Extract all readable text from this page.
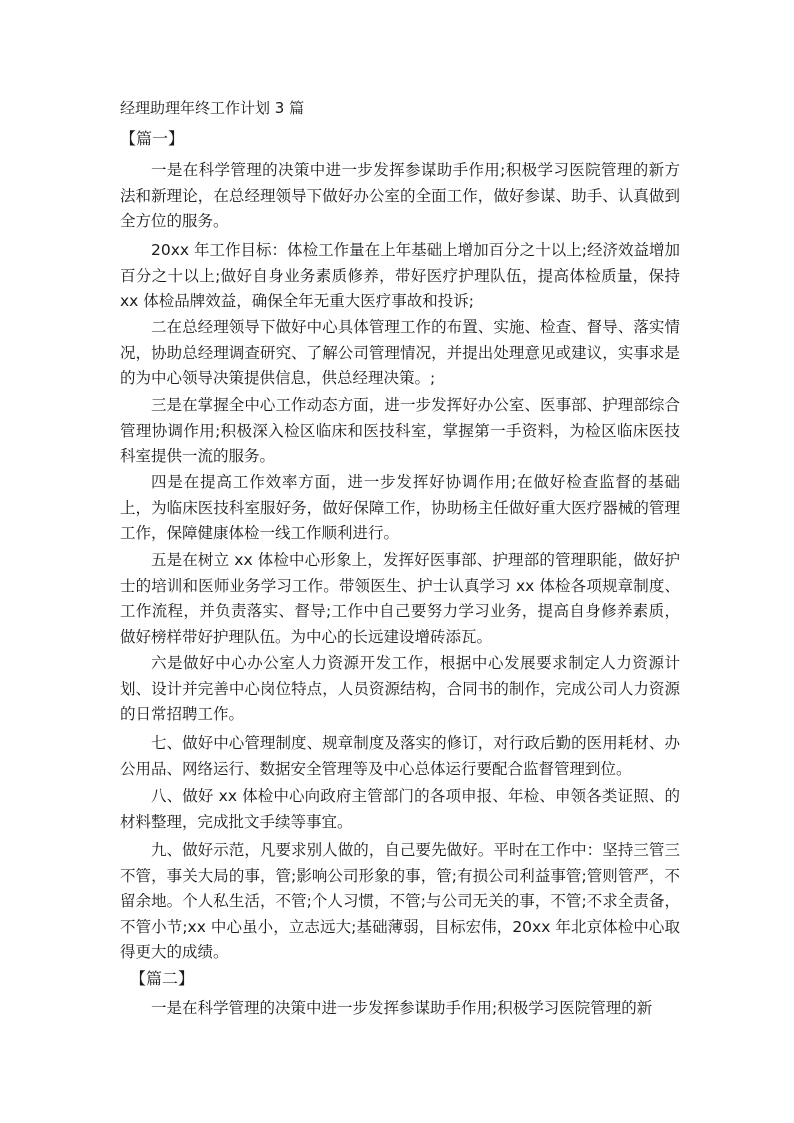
经理助理年终工作计划 3 篇
【篇一】

一是在科学管理的决策中进一步发挥参谋助手作用;积极学习医院管理的新方法和新理论，在总经理领导下做好办公室的全面工作，做好参谋、助手、认真做到全方位的服务。

20xx 年工作目标：体检工作量在上年基础上增加百分之十以上;经济效益增加百分之十以上;做好自身业务素质修养，带好医疗护理队伍，提高体检质量，保持 xx 体检品牌效益，确保全年无重大医疗事故和投诉;

二在总经理领导下做好中心具体管理工作的布置、实施、检查、督导、落实情况，协助总经理调查研究、了解公司管理情况，并提出处理意见或建议，实事求是的为中心领导决策提供信息，供总经理决策。;

三是在掌握全中心工作动态方面，进一步发挥好办公室、医事部、护理部综合管理协调作用;积极深入检区临床和医技科室，掌握第一手资料，为检区临床医技科室提供一流的服务。

四是在提高工作效率方面，进一步发挥好协调作用;在做好检查监督的基础上，为临床医技科室服好务，做好保障工作，协助杨主任做好重大医疗器械的管理工作，保障健康体检一线工作顺利进行。

五是在树立 xx 体检中心形象上，发挥好医事部、护理部的管理职能，做好护士的培训和医师业务学习工作。带领医生、护士认真学习 xx 体检各项规章制度、工作流程，并负责落实、督导;工作中自己要努力学习业务，提高自身修养素质，做好榜样带好护理队伍。为中心的长远建设增砖添瓦。

六是做好中心办公室人力资源开发工作，根据中心发展要求制定人力资源计划、设计并完善中心岗位特点，人员资源结构，合同书的制作，完成公司人力资源的日常招聘工作。

七、做好中心管理制度、规章制度及落实的修订，对行政后勤的医用耗材、办公用品、网络运行、数据安全管理等及中心总体运行要配合监督管理到位。

八、做好 xx 体检中心向政府主管部门的各项申报、年检、申领各类证照、的材料整理，完成批文手续等事宜。

九、做好示范，凡要求别人做的，自己要先做好。平时在工作中：坚持三管三不管，事关大局的事，管;影响公司形象的事，管;有损公司利益事管;管则管严，不留余地。个人私生活，不管;个人习惯，不管;与公司无关的事，不管;不求全责备，不管小节;xx 中心虽小，立志远大;基础薄弱，目标宏伟，20xx 年北京体检中心取得更大的成绩。

【篇二】

一是在科学管理的决策中进一步发挥参谋助手作用;积极学习医院管理的新
